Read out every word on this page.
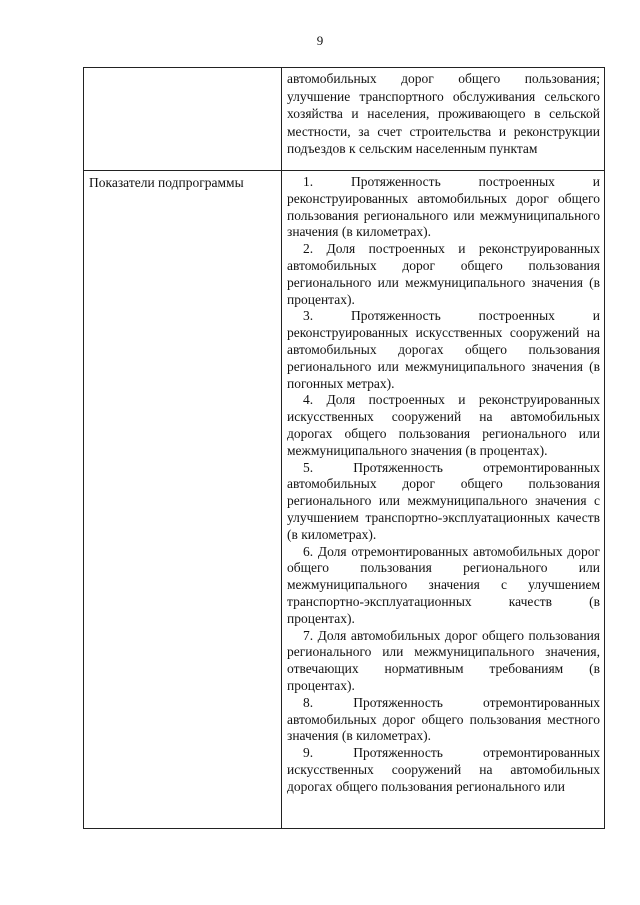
9
автомобильных дорог общего пользования; улучшение транспортного обслуживания сельского хозяйства и населения, проживающего в сельской местности, за счет строительства и реконструкции подъездов к сельским населенным пунктам
Показатели подпрограммы	1. Протяженность построенных и реконструированных автомобильных дорог общего пользования регионального или межмуниципального значения (в километрах).

2. Доля построенных и реконструированных автомобильных дорог общего пользования регионального или межмуниципального значения (в процентах).

3. Протяженность построенных и реконструированных искусственных сооружений на автомобильных дорогах общего пользования регионального или межмуниципального значения (в погонных метрах).

4. Доля построенных и реконструированных искусственных сооружений на автомобильных дорогах общего пользования регионального или межмуниципального значения (в процентах).

5. Протяженность отремонтированных автомобильных дорог общего пользования регионального или межмуниципального значения с улучшением транспортно-эксплуатационных качеств (в километрах).

6. Доля отремонтированных автомобильных дорог общего пользования регионального или межмуниципального значения с улучшением транспортно-эксплуатационных качеств (в процентах).

7. Доля автомобильных дорог общего пользования регионального или межмуниципального значения, отвечающих нормативным требованиям (в процентах).

8. Протяженность отремонтированных автомобильных дорог общего пользования местного значения (в километрах).

9. Протяженность отремонтированных искусственных сооружений на автомобильных дорогах общего пользования регионального или
